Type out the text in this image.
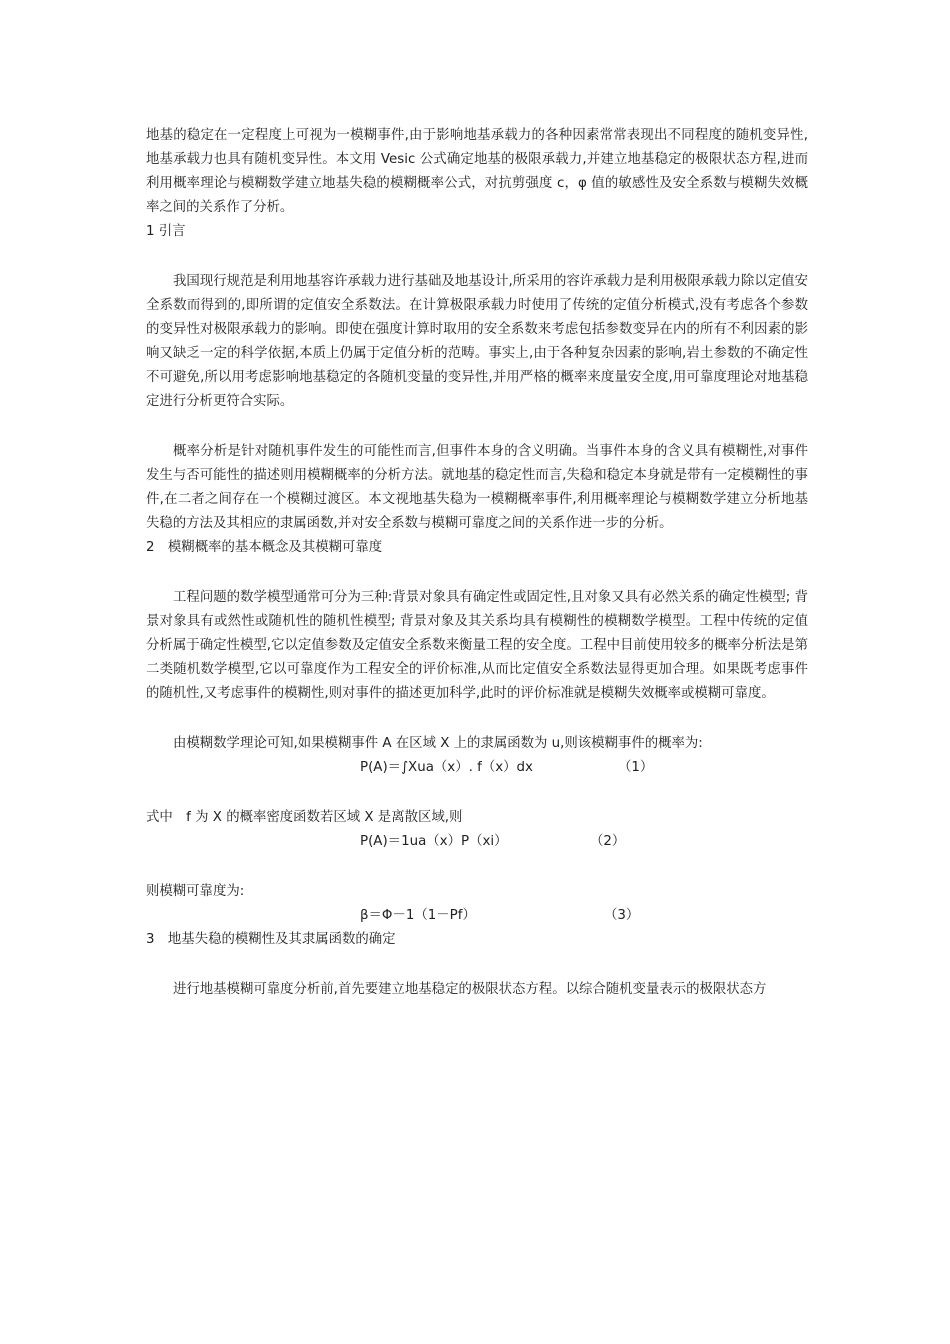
地基的稳定在一定程度上可视为一模糊事件,由于影响地基承载力的各种因素常常表现出不同程度的随机变异性,地基承载力也具有随机变异性。本文用 Vesic 公式确定地基的极限承载力,并建立地基稳定的极限状态方程,进而利用概率理论与模糊数学建立地基失稳的模糊概率公式，对抗剪强度 c，φ 值的敏感性及安全系数与模糊失效概率之间的关系作了分析。

1 引言

我国现行规范是利用地基容许承载力进行基础及地基设计,所采用的容许承载力是利用极限承载力除以定值安全系数而得到的,即所谓的定值安全系数法。在计算极限承载力时使用了传统的定值分析模式,没有考虑各个参数的变异性对极限承载力的影响。即使在强度计算时取用的安全系数来考虑包括参数变异在内的所有不利因素的影响又缺乏一定的科学依据,本质上仍属于定值分析的范畴。事实上,由于各种复杂因素的影响,岩土参数的不确定性不可避免,所以用考虑影响地基稳定的各随机变量的变异性,并用严格的概率来度量安全度,用可靠度理论对地基稳定进行分析更符合实际。

概率分析是针对随机事件发生的可能性而言,但事件本身的含义明确。当事件本身的含义具有模糊性,对事件发生与否可能性的描述则用模糊概率的分析方法。就地基的稳定性而言,失稳和稳定本身就是带有一定模糊性的事件,在二者之间存在一个模糊过渡区。本文视地基失稳为一模糊概率事件,利用概率理论与模糊数学建立分析地基失稳的方法及其相应的隶属函数,并对安全系数与模糊可靠度之间的关系作进一步的分析。

2　模糊概率的基本概念及其模糊可靠度

工程问题的数学模型通常可分为三种:背景对象具有确定性或固定性,且对象又具有必然关系的确定性模型; 背景对象具有或然性或随机性的随机性模型; 背景对象及其关系均具有模糊性的模糊数学模型。工程中传统的定值分析属于确定性模型,它以定值参数及定值安全系数来衡量工程的安全度。工程中目前使用较多的概率分析法是第二类随机数学模型,它以可靠度作为工程安全的评价标准,从而比定值安全系数法显得更加合理。如果既考虑事件的随机性,又考虑事件的模糊性,则对事件的描述更加科学,此时的评价标准就是模糊失效概率或模糊可靠度。

由模糊数学理论可知,如果模糊事件 A 在区域 X 上的隶属函数为 u,则该模糊事件的概率为:

P(A)＝∫Xua（x）. f（x）dx	（1）

式中　f 为 X 的概率密度函数若区域 X 是离散区域,则

P(A)＝1ua（x）P（xi）	（2）

则模糊可靠度为:

β＝Φ－1（1－Pf）	（3）

3　地基失稳的模糊性及其隶属函数的确定

进行地基模糊可靠度分析前,首先要建立地基稳定的极限状态方程。以综合随机变量表示的极限状态方
